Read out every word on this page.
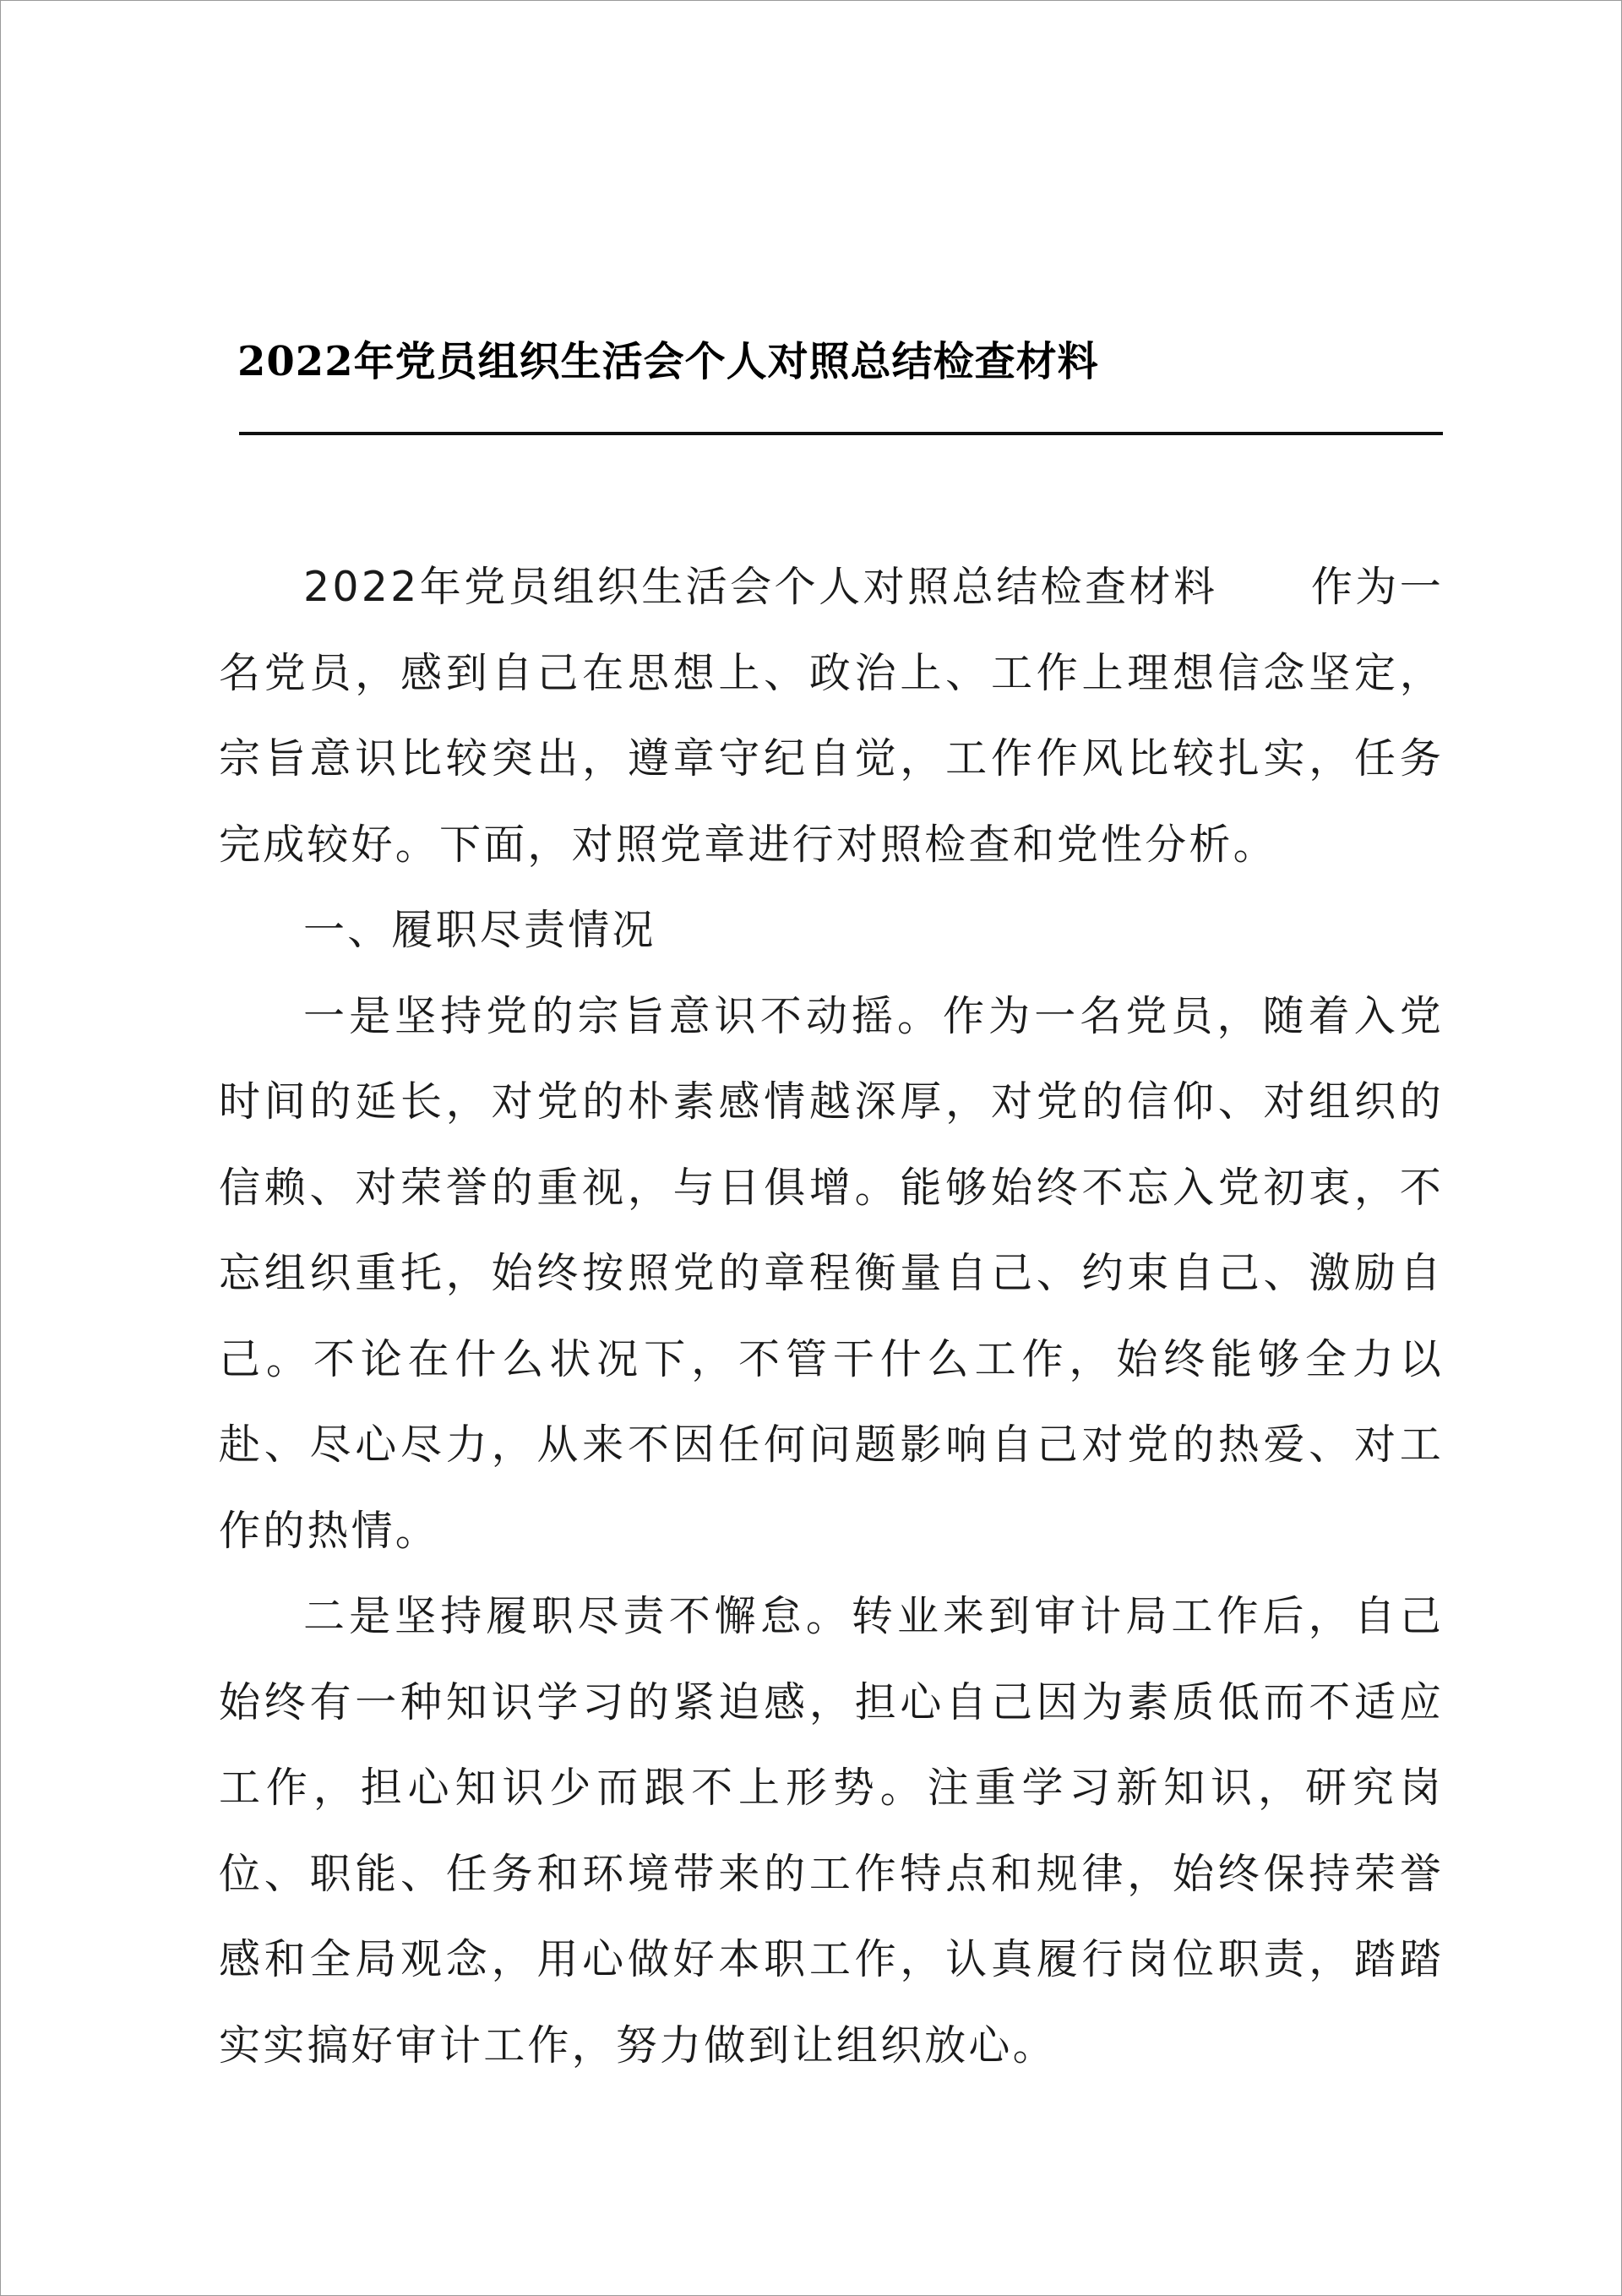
2022年党员组织生活会个人对照总结检查材料

2022年党员组织生活会个人对照总结检查材料 作为一名党员，感到自己在思想上、政治上、工作上理想信念坚定，宗旨意识比较突出，遵章守纪自觉，工作作风比较扎实，任务完成较好。下面，对照党章进行对照检查和党性分析。

一、履职尽责情况

一是坚持党的宗旨意识不动摇。作为一名党员，随着入党时间的延长，对党的朴素感情越深厚，对党的信仰、对组织的信赖、对荣誉的重视，与日俱增。能够始终不忘入党初衷，不忘组织重托，始终按照党的章程衡量自己、约束自己、激励自己。不论在什么状况下，不管干什么工作，始终能够全力以赴、尽心尽力，从来不因任何问题影响自己对党的热爱、对工作的热情。

二是坚持履职尽责不懈怠。转业来到审计局工作后，自己始终有一种知识学习的紧迫感，担心自己因为素质低而不适应工作，担心知识少而跟不上形势。注重学习新知识，研究岗位、职能、任务和环境带来的工作特点和规律，始终保持荣誉感和全局观念，用心做好本职工作，认真履行岗位职责，踏踏实实搞好审计工作，努力做到让组织放心。
